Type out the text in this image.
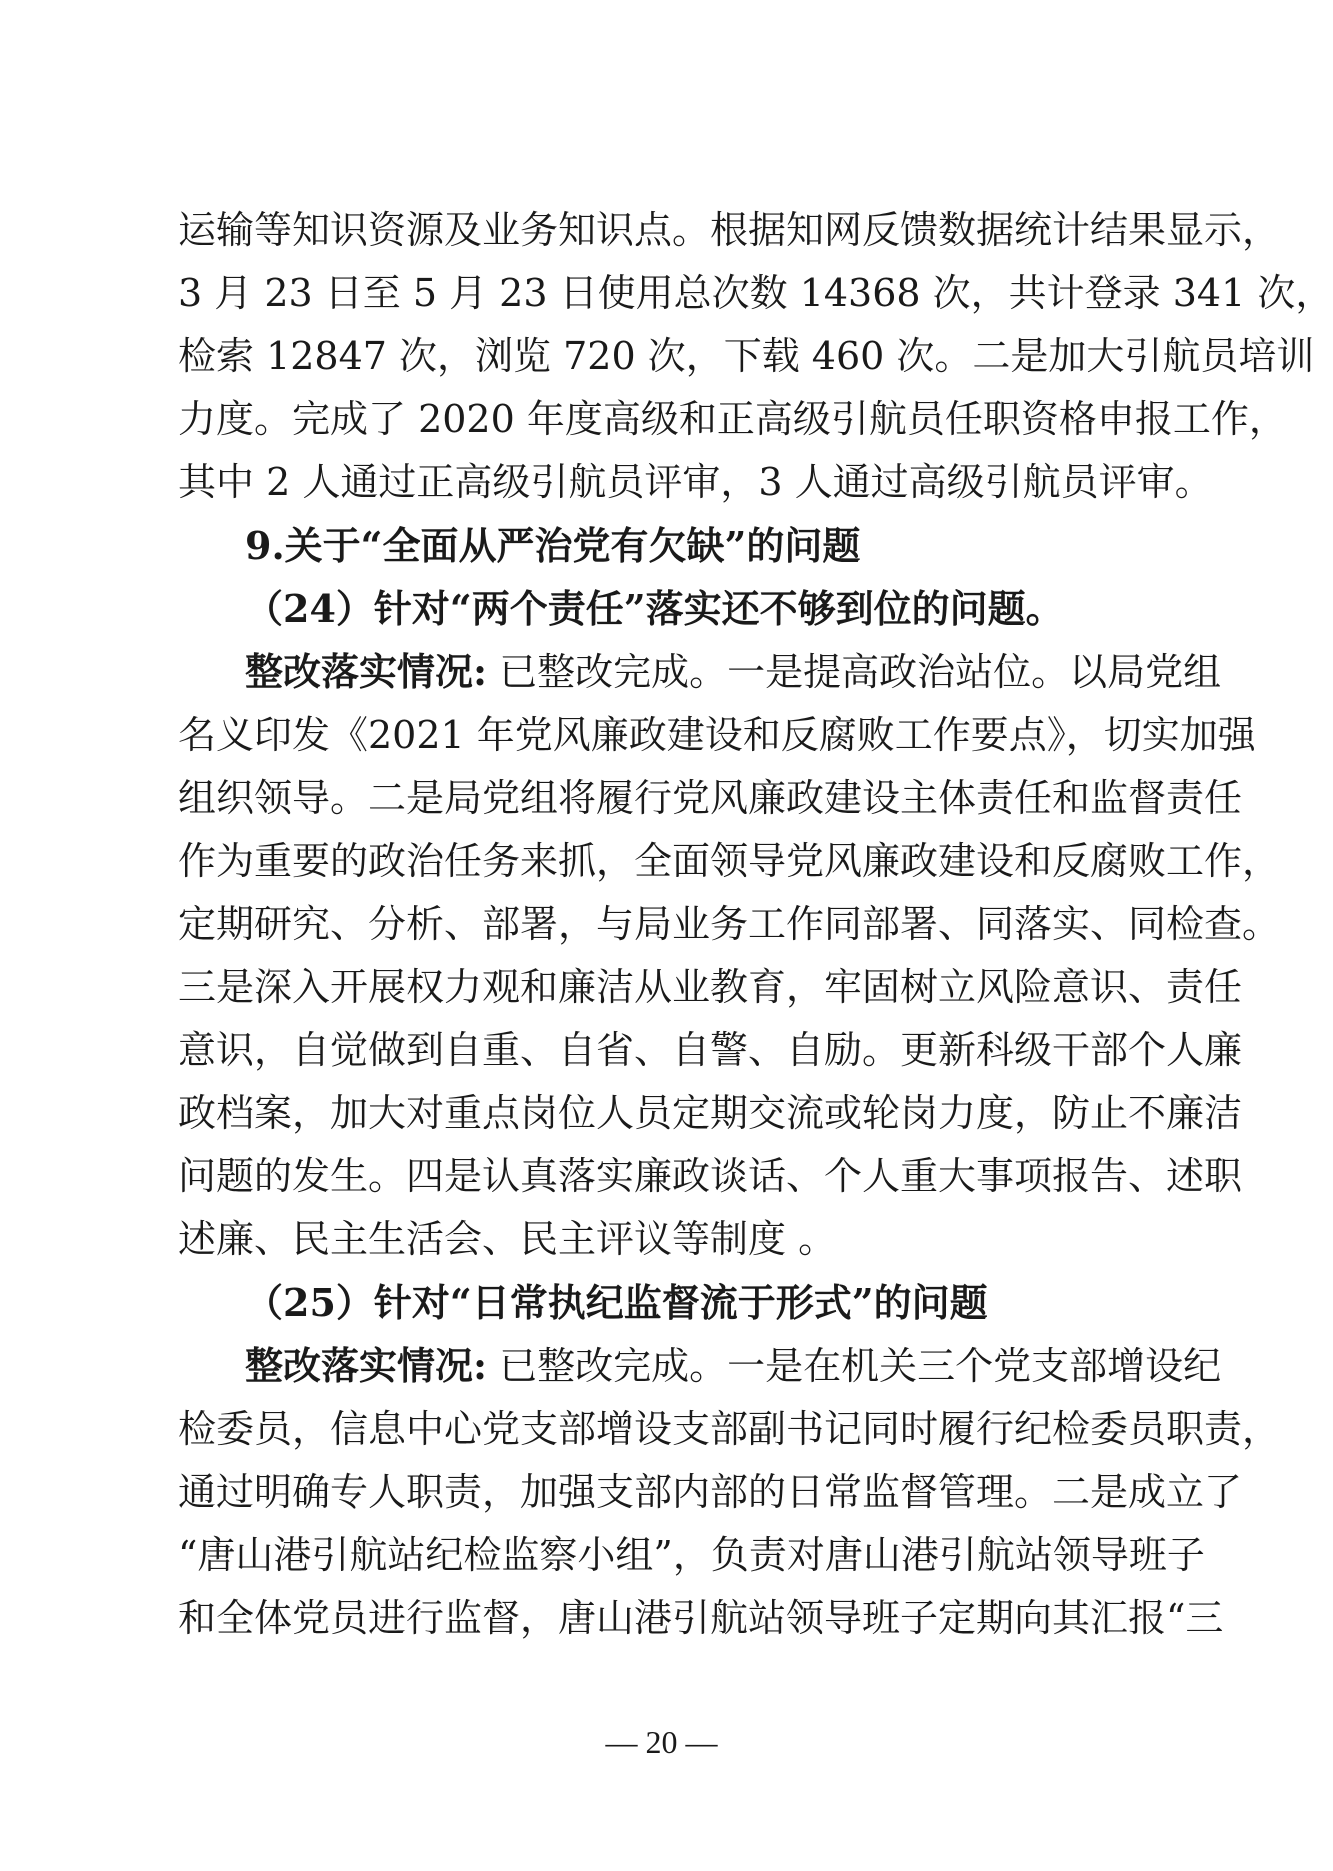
运输等知识资源及业务知识点。根据知网反馈数据统计结果显示，
3 月 23 日至 5 月 23 日使用总次数 14368 次，共计登录 341 次，
检索 12847 次，浏览 720 次，下载 460 次。二是加大引航员培训
力度。完成了 2020 年度高级和正高级引航员任职资格申报工作，
其中 2 人通过正高级引航员评审，3 人通过高级引航员评审。
9.关于“全面从严治党有欠缺”的问题
（24）针对“两个责任”落实还不够到位的问题。
整改落实情况: 已整改完成。一是提高政治站位。以局党组
名义印发《2021 年党风廉政建设和反腐败工作要点》，切实加强
组织领导。二是局党组将履行党风廉政建设主体责任和监督责任
作为重要的政治任务来抓，全面领导党风廉政建设和反腐败工作，
定期研究、分析、部署，与局业务工作同部署、同落实、同检查。
三是深入开展权力观和廉洁从业教育，牢固树立风险意识、责任
意识，自觉做到自重、自省、自警、自励。更新科级干部个人廉
政档案，加大对重点岗位人员定期交流或轮岗力度，防止不廉洁
问题的发生。四是认真落实廉政谈话、个人重大事项报告、述职
述廉、民主生活会、民主评议等制度 。
（25）针对“日常执纪监督流于形式”的问题
整改落实情况: 已整改完成。一是在机关三个党支部增设纪
检委员，信息中心党支部增设支部副书记同时履行纪检委员职责，
通过明确专人职责，加强支部内部的日常监督管理。二是成立了
“唐山港引航站纪检监察小组”，负责对唐山港引航站领导班子
和全体党员进行监督，唐山港引航站领导班子定期向其汇报“三
— 20 —
